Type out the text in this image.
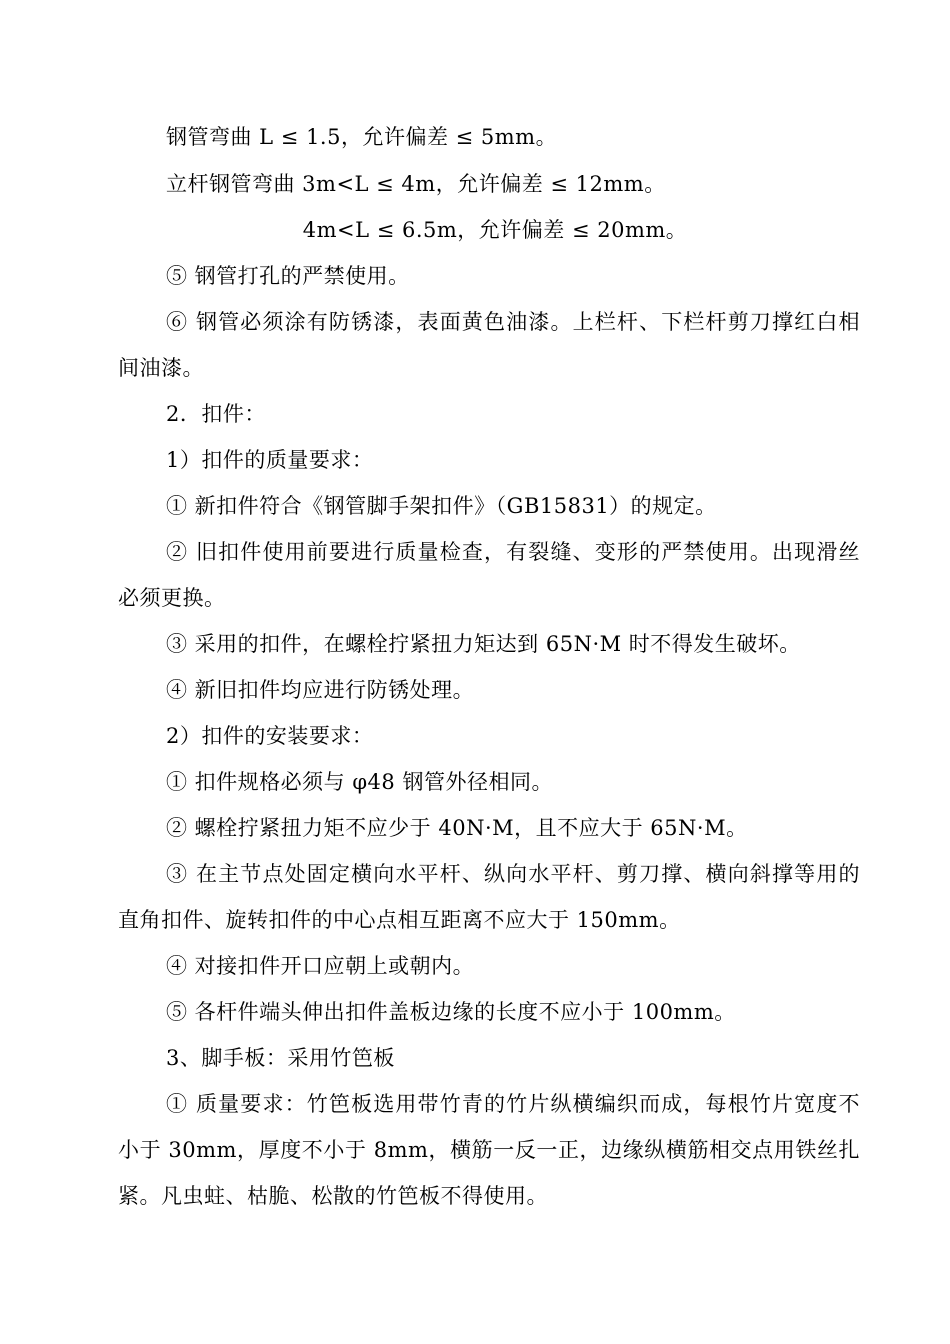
钢管弯曲 L ≤ 1.5，允许偏差 ≤ 5mm。

立杆钢管弯曲 3m<L ≤ 4m，允许偏差 ≤ 12mm。

4m<L ≤ 6.5m，允许偏差 ≤ 20mm。

⑤ 钢管打孔的严禁使用。

⑥ 钢管必须涂有防锈漆，表面黄色油漆。上栏杆、下栏杆剪刀撑红白相间油漆。

2．扣件：

1）扣件的质量要求：

① 新扣件符合《钢管脚手架扣件》（GB15831）的规定。

② 旧扣件使用前要进行质量检查，有裂缝、变形的严禁使用。出现滑丝必须更换。

③ 采用的扣件，在螺栓拧紧扭力矩达到 65N·M 时不得发生破坏。

④ 新旧扣件均应进行防锈处理。

2）扣件的安装要求：

① 扣件规格必须与 φ48 钢管外径相同。

② 螺栓拧紧扭力矩不应少于 40N·M，且不应大于 65N·M。

③ 在主节点处固定横向水平杆、纵向水平杆、剪刀撑、横向斜撑等用的直角扣件、旋转扣件的中心点相互距离不应大于 150mm。

④ 对接扣件开口应朝上或朝内。

⑤ 各杆件端头伸出扣件盖板边缘的长度不应小于 100mm。

3、脚手板：采用竹笆板

① 质量要求：竹笆板选用带竹青的竹片纵横编织而成，每根竹片宽度不小于 30mm，厚度不小于 8mm，横筋一反一正，边缘纵横筋相交点用铁丝扎紧。凡虫蛀、枯脆、松散的竹笆板不得使用。
